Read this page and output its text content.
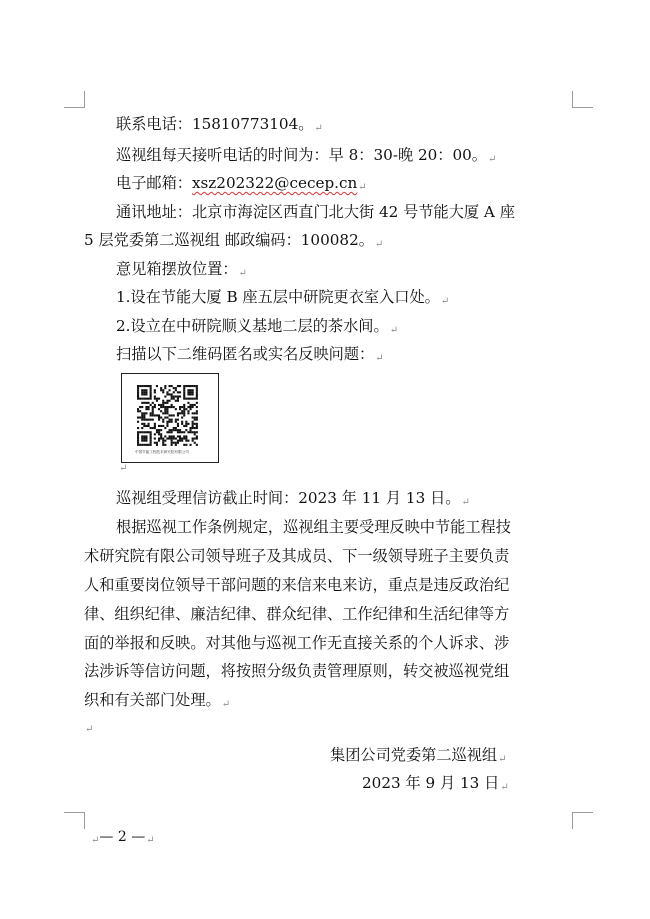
联系电话：15810773104。↵
巡视组每天接听电话的时间为：早 8：30-晚 20：00。↵
电子邮箱：xsz202322@cecep.cn↵
通讯地址：北京市海淀区西直门北大街 42 号节能大厦 A 座
5 层党委第二巡视组 邮政编码：100082。↵
意见箱摆放位置：↵
1.设在节能大厦 B 座五层中研院更衣室入口处。↵
2.设立在中研院顺义基地二层的茶水间。↵
扫描以下二维码匿名或实名反映问题：↵
中国节能工程技术研究院有限公司
↵
巡视组受理信访截止时间：2023 年 11 月 13 日。↵
根据巡视工作条例规定，巡视组主要受理反映中节能工程技
术研究院有限公司领导班子及其成员、下一级领导班子主要负责
人和重要岗位领导干部问题的来信来电来访，重点是违反政治纪
律、组织纪律、廉洁纪律、群众纪律、工作纪律和生活纪律等方
面的举报和反映。对其他与巡视工作无直接关系的个人诉求、涉
法涉诉等信访问题，将按照分级负责管理原则，转交被巡视党组
织和有关部门处理。↵
↵
集团公司党委第二巡视组↵
2023 年 9 月 13 日↵
↵— 2 —↵
